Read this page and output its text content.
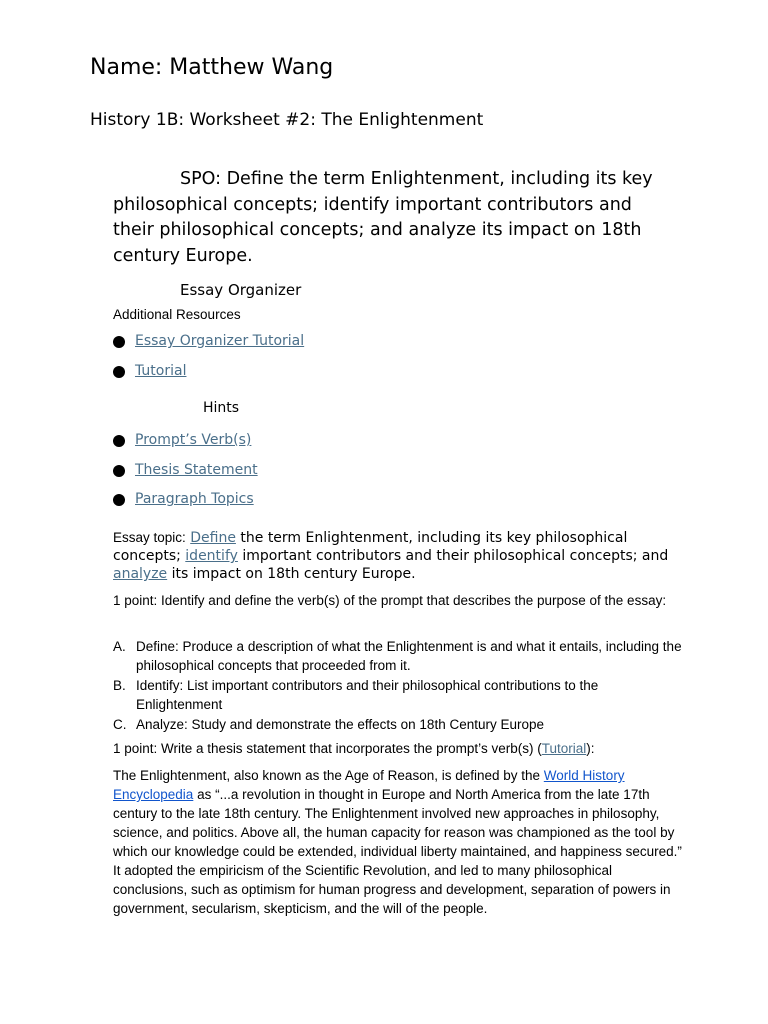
Name: Matthew Wang
History 1B: Worksheet #2: The Enlightenment
SPO: Define the term Enlightenment, including its key philosophical concepts; identify important contributors and their philosophical concepts; and analyze its impact on 18th century Europe.
Essay Organizer
Additional Resources
Essay Organizer Tutorial
Tutorial
Hints
Prompt’s Verb(s)
Thesis Statement
Paragraph Topics
Essay topic: Define the term Enlightenment, including its key philosophical concepts; identify important contributors and their philosophical concepts; and analyze its impact on 18th century Europe.
1 point: Identify and define the verb(s) of the prompt that describes the purpose of the essay:
A. Define: Produce a description of what the Enlightenment is and what it entails, including the philosophical concepts that proceeded from it.
B. Identify: List important contributors and their philosophical contributions to the Enlightenment
C. Analyze: Study and demonstrate the effects on 18th Century Europe
1 point: Write a thesis statement that incorporates the prompt’s verb(s) (Tutorial):
The Enlightenment, also known as the Age of Reason, is defined by the World History Encyclopedia as “...a revolution in thought in Europe and North America from the late 17th century to the late 18th century. The Enlightenment involved new approaches in philosophy, science, and politics. Above all, the human capacity for reason was championed as the tool by which our knowledge could be extended, individual liberty maintained, and happiness secured.” It adopted the empiricism of the Scientific Revolution, and led to many philosophical conclusions, such as optimism for human progress and development, separation of powers in government, secularism, skepticism, and the will of the people.
